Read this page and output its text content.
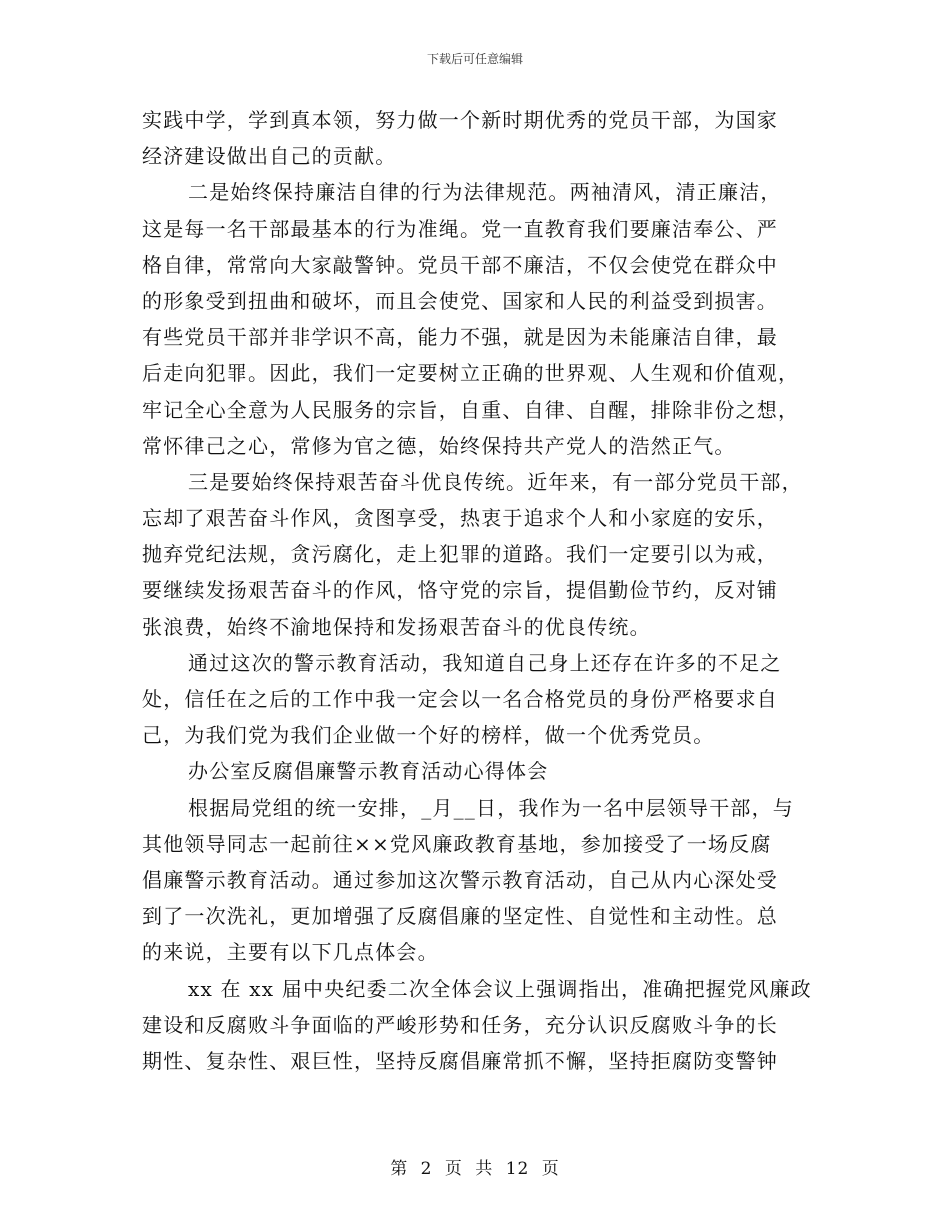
下载后可任意编辑
实践中学，学到真本领，努力做一个新时期优秀的党员干部，为国家
经济建设做出自己的贡献。
二是始终保持廉洁自律的行为法律规范。两袖清风，清正廉洁，
这是每一名干部最基本的行为准绳。党一直教育我们要廉洁奉公、严
格自律，常常向大家敲警钟。党员干部不廉洁，不仅会使党在群众中
的形象受到扭曲和破坏，而且会使党、国家和人民的利益受到损害。
有些党员干部并非学识不高，能力不强，就是因为未能廉洁自律，最
后走向犯罪。因此，我们一定要树立正确的世界观、人生观和价值观，
牢记全心全意为人民服务的宗旨，自重、自律、自醒，排除非份之想，
常怀律己之心，常修为官之德，始终保持共产党人的浩然正气。
三是要始终保持艰苦奋斗优良传统。近年来，有一部分党员干部，
忘却了艰苦奋斗作风，贪图享受，热衷于追求个人和小家庭的安乐，
抛弃党纪法规，贪污腐化，走上犯罪的道路。我们一定要引以为戒，
要继续发扬艰苦奋斗的作风，恪守党的宗旨，提倡勤俭节约，反对铺
张浪费，始终不渝地保持和发扬艰苦奋斗的优良传统。
通过这次的警示教育活动，我知道自己身上还存在许多的不足之
处，信任在之后的工作中我一定会以一名合格党员的身份严格要求自
己，为我们党为我们企业做一个好的榜样，做一个优秀党员。
办公室反腐倡廉警示教育活动心得体会
根据局党组的统一安排，_月__日，我作为一名中层领导干部，与
其他领导同志一起前往××党风廉政教育基地，参加接受了一场反腐
倡廉警示教育活动。通过参加这次警示教育活动，自己从内心深处受
到了一次洗礼，更加增强了反腐倡廉的坚定性、自觉性和主动性。总
的来说，主要有以下几点体会。
xx 在 xx 届中央纪委二次全体会议上强调指出，准确把握党风廉政
建设和反腐败斗争面临的严峻形势和任务，充分认识反腐败斗争的长
期性、复杂性、艰巨性，坚持反腐倡廉常抓不懈，坚持拒腐防变警钟
第 2 页 共 12 页
